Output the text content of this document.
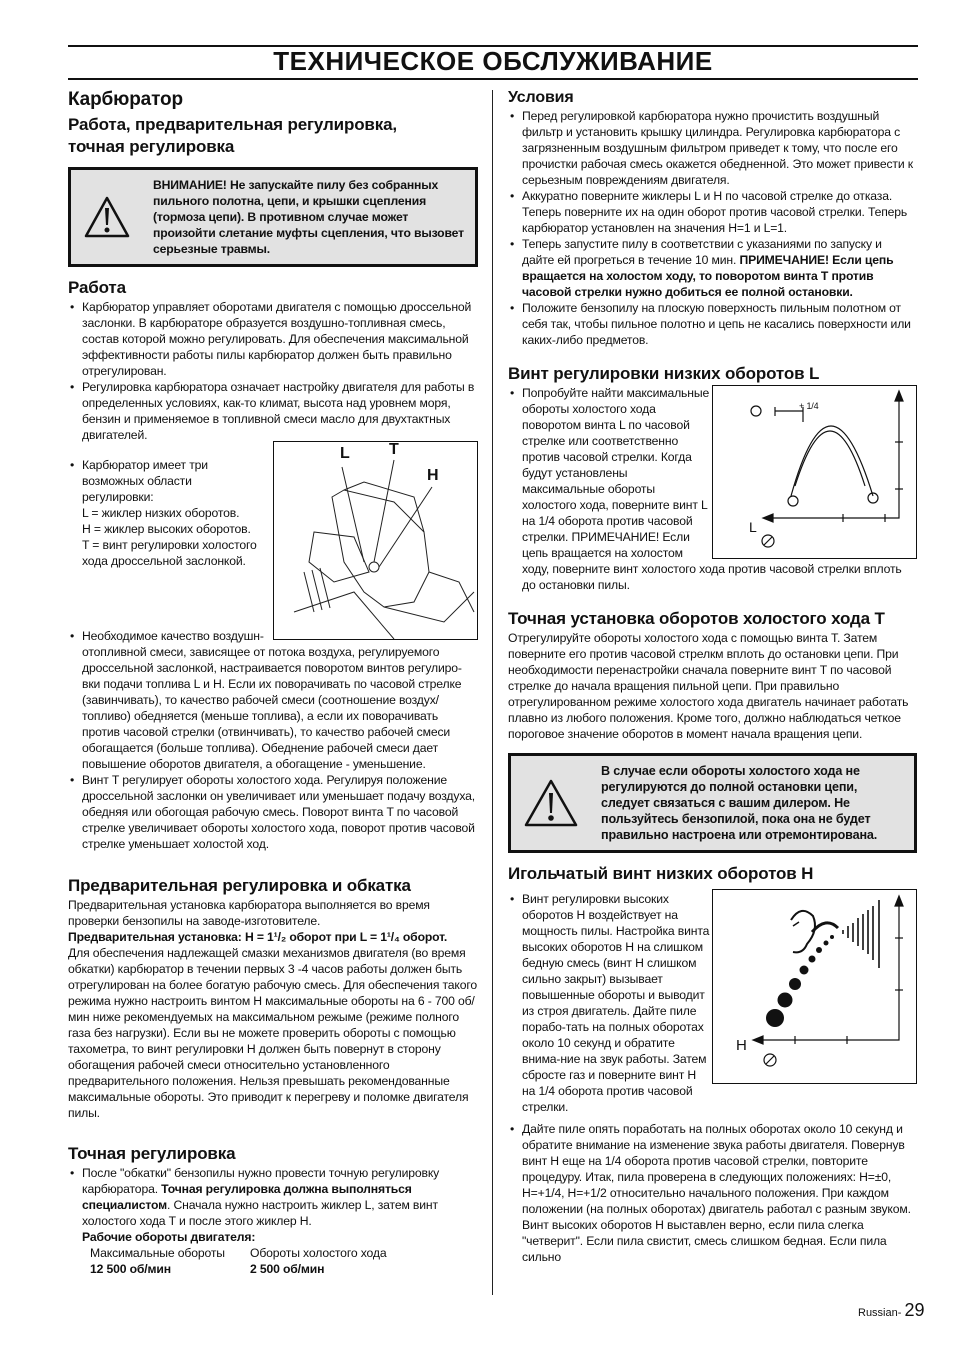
ТЕХНИЧЕСКОЕ ОБСЛУЖИВАНИЕ
Карбюратор
Работа, предварительная регулировка, точная регулировка
ВНИМАНИЕ! Не запускайте пилу без собранных пильного полотна, цепи, и крышки сцепления (тормоза цепи). В противном случае может произойти слетание муфты сцепления, что вызовет серьезные травмы.
Работа
• Карбюратор управляет оборотами двигателя с помощью дроссельной заслонки. В карбюраторе образуется воздушно-топливная смесь, состав которой можно регулировать. Для обеспечения максимальной эффективности работы пилы карбюратор должен быть правильно отрегулирован.
• Регулировка карбюратора означает настройку двигателя для работы в определенных условиях, как-то климат, высота над уровнем моря, бензин и применяемое в топливной смеси масло для двухтактных двигателей.
L T
H
• Карбюратор имеет три возможных области регулировки:
L = жиклер низких оборотов.
H = жиклер высоких оборотов.
T = винт регулировки холостого хода дроссельной заслонкой.
• Необходимое качество воздушн-отопливной смеси, зависящее от потока воздуха, регулируемого дроссельной заслонкой, настраивается поворотом винтов регулиро-вки подачи топлива L и H. Если их поворачивать по часовой стрелке (завинчивать), то качество рабочей смеси (соотношение воздух/топливо) обедняется (меньше топлива), а если их поворачивать против часовой стрелки (отвинчивать), то качество рабочей смеси обогащается (больше топлива). Обеднение рабочей смеси дает повышение оборотов двигателя, а обогащение - уменьшение.
• Винт T регулирует обороты холостого хода. Регулируя положение дроссельной заслонки он увеличивает или уменьшает подачу воздуха, обедняя или обогощая рабочую смесь. Поворот винта T по часовой стрелке увеличивает обороты холостого хода, поворот против часовой стрелке уменьшает холостой ход.
Предварительная регулировка и обкатка

Предварительная установка карбюратора выполняется во время проверки бензопилы на заводе-изготовителе.

Предварительная установка: H = 1¹/₂ оборот при L = 1¹/₄ оборот.

Для обеспечения надлежащей смазки механизмов двигателя (во время обкатки) карбюратор в течении первых 3 -4 часов работы должен быть отрегулирован на более богатую рабочую смесь. Для обеспечения такого режима нужно настроить винтом H максимальные обороты на 6 - 700 об/мин ниже рекомендуемых на максимальном режыме (режиме полного газа без нагрузки). Если вы не можете проверить обороты с помощью тахометра, то винт регулировки H должен быть повернут в сторону обогащения рабочей смеси относительно установленного предварительного положения. Нельзя превышать рекомендованные максимальные обороты. Это приводит к перегреву и поломке двигателя пилы.

Точная регулировка
• После "обкатки" бензопилы нужно провести точную регулировку карбюратора. Точная регулировка должна выполняться специалистом. Сначала нужно настроить жиклер L, затем винт холостого хода T и после этого жиклер H.
Рабочие обороты двигателя:
Максимальные обороты	Обороты холостого хода
12 500 об/мин	2 500 об/мин
Условия
• Перед регулировкой карбюратора нужно прочистить воздушный фильтр и установить крышку цилиндра. Регулировка карбюратора с загрязненным воздушным фильтром приведет к тому, что после его прочистки рабочая смесь окажется обедненной. Это может привести к серьезным повреждениям двигателя.
• Аккуратно поверните жиклеры L и H по часовой стрелке до отказа. Теперь поверните их на один оборот против часовой стрелки. Теперь карбюратор установлен на значения H=1 и L=1.
• Теперь запустите пилу в соответствии с указаниями по запуску и дайте ей прогреться в течение 10 мин. ПРИМЕЧАНИЕ! Если цепь вращается на холостом ходу, то поворотом винта T против часовой стрелки нужно добиться ее полной остановки.
• Положите бензопилу на плоскую поверхность пильным полотном от себя так, чтобы пильное полотно и цепь не касались поверхности или каких-либо предметов.
Винт регулировки низких оборотов L
+ 1/4
L
• Попробуйте найти максимальные обороты холостого хода поворотом винта L по часовой стрелке или соответственно против часовой стрелки. Когда будут установлены максимальные обороты холостого хода, поверните винт L на 1/4 оборота против часовой стрелки. ПРИМЕЧАНИЕ! Если цепь вращается на холостом ходу, поверните винт холостого хода против часовой стрелки вплоть до остановки пилы.
Точная установка оборотов холостого хода T

Отрегулируйте обороты холостого хода с помощью винта T. Затем поверните его против часовой стрелкм вплоть до остановки цепи. При необходимости перенастройки сначала поверните винт T по часовой стрелке до начала вращения пильной цепи. При правильно отрегулированном режиме холостого хода двигатель начинает работать плавно из любого положения. Кроме того, должно наблюдаться четкое пороговое значение оборотов в момент начала вращения цепи.

В случае если обороты холостого хода не регулируются до полной остановки цепи, следует связаться с вашим дилером. Не пользуйтесь бензопилой, пока она не будет правильно настроена или отремонтирована.
Игольчатый винт низких оборотов H
H
• Винт регулировки высоких оборотов H воздействует на мощность пилы. Настройка винта высоких оборотов H на слишком бедную смесь (винт H слишком сильно закрыт) вызывает повышенные обороты и выводит из строя двигатель. Дайте пиле порабо-тать на полных оборотах около 10 секунд и обратите внима-ние на звук работы. Затем сбросте газ и поверните винт H на 1/4 оборота против часовой стрелки.
• Дайте пиле опять поработать на полных оборотах около 10 секунд и обратите внимание на изменение звука работы двигателя. Повернув винт H еще на 1/4 оборота против часовой стрелки, повторите процедуру. Итак, пила проверена в следующих положениях: H=±0, H=+1/4, H=+1/2 относительно начального положения. При каждом положении (на полных оборотах) двигатель работал с разным звуком. Винт высоких оборотов H выставлен верно, если пила слегка "четверит". Если пила свистит, смесь слишком бедная. Если пила сильно
Russian- 29
